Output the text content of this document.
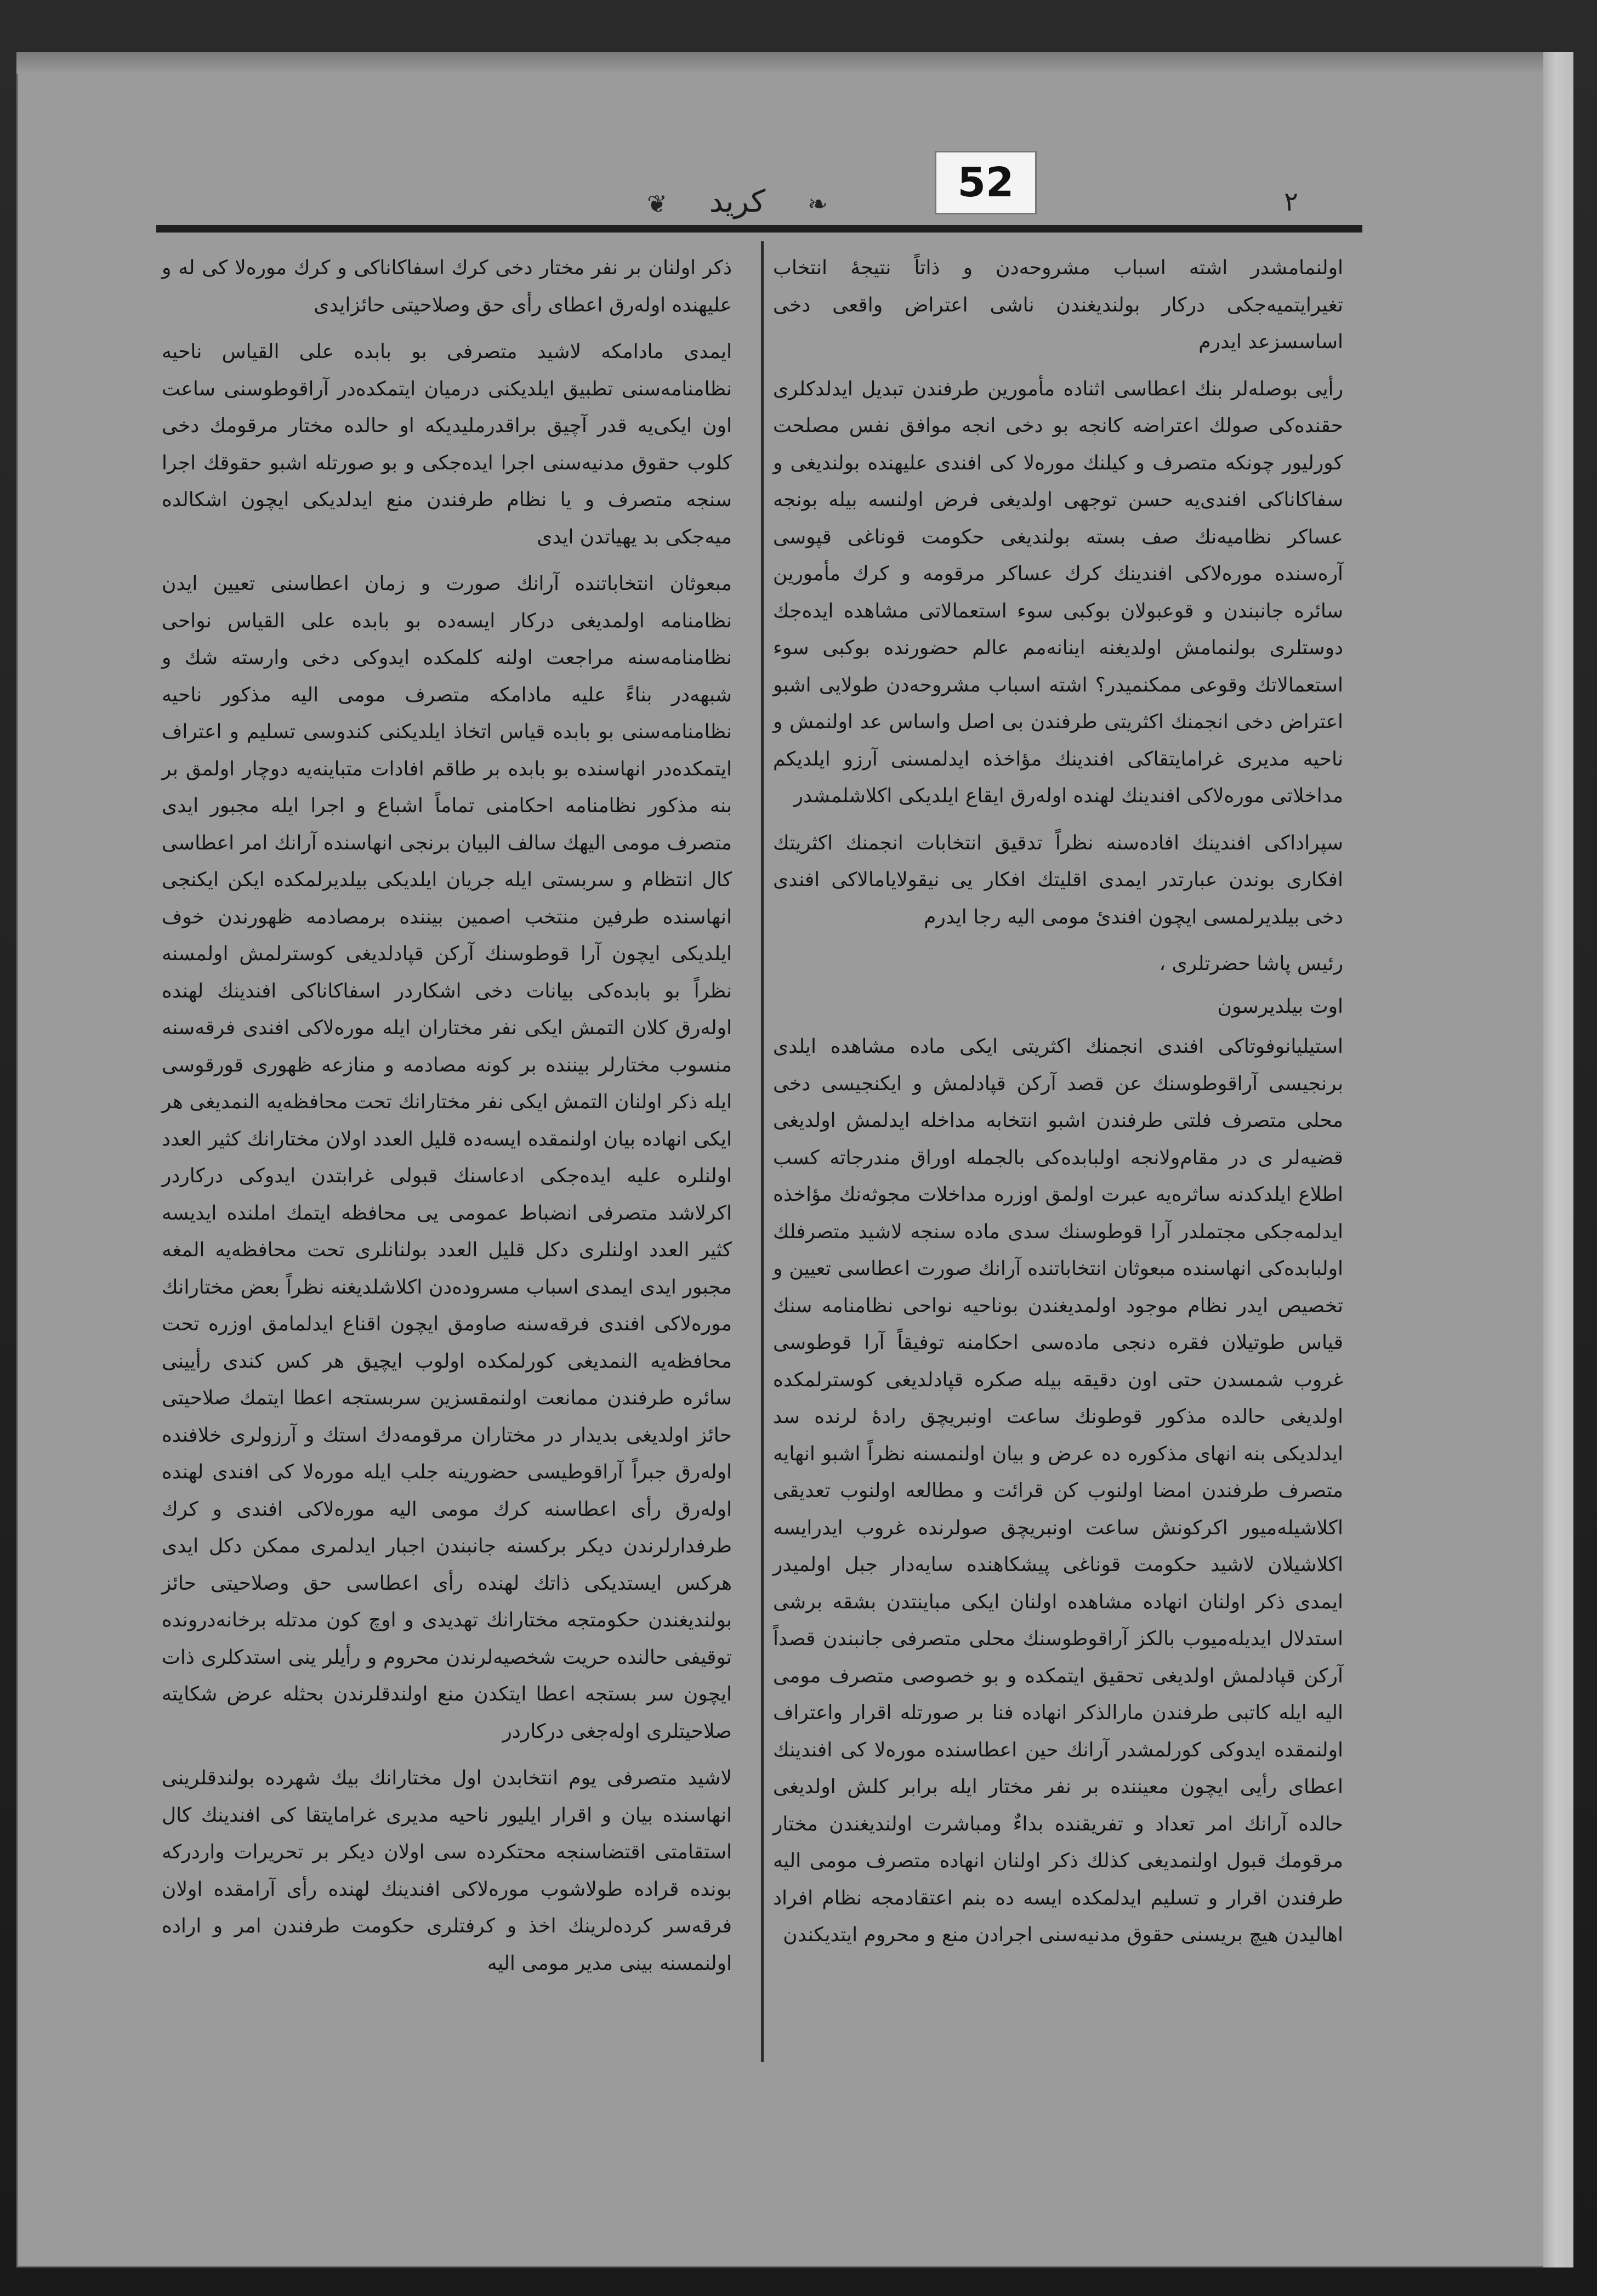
52
❧
كريد
❦	۲

اولنمامشدر اشته اسباب مشروحه‌دن و ذاتاً نتیجهٔ انتخاب تغیرایتمیه‌جکی دركار بولندیغندن ناشی اعتراض واقعی دخی اساسسزعد ایدرم

رأیی بوصله‌لر بنك اعطاسی اثناده مأمورین طرفندن تبدیل ایدلدکلری حقنده‌کی صولك اعتراضه کانجه بو دخی انجه موافق نفس مصلحت کورلیور چونکه متصرف و کیلنك موره‌لا کی افندی علیهنده بولندیغی و سفاکاناکی افندی‌یه حسن توجهی اولدیغی فرض اولنسه بیله بونجه عساکر نظامیه‌نك صف بسته بولندیغی حکومت قوناغی قپوسی آره‌سنده موره‌لاکی افندینك کرك عساکر مرقومه و کرك مأمورین سائره جانبندن و قوعبولان بوکبی سوء استعمالاتی مشاهده ایده‌جك دوستلری بولنمامش اولدیغنه اینانه‌مم عالم حضورنده بوکبی سوء استعمالاتك وقوعی ممکنمیدر؟ اشته اسباب مشروحه‌دن طولایی اشبو اعتراض دخی انجمنك اکثریتی طرفندن بی اصل واساس عد اولنمش و ناحیه مدیری غرامایتقاکی افندینك مؤاخذه ایدلمسنی آرزو ایلدیکم مداخلاتی موره‌لاکی افندینك لهنده اوله‌رق ایقاع ایلدیکی اکلاشلمشدر

سپراداکی افندینك افاده‌سنه نظراً تدقیق انتخابات انجمنك اکثریتك افکاری بوندن عبارتدر ایمدی اقلیتك افکار یی نیقولایامالاکی افندی دخی بیلدیرلمسی ایچون افندی‌ٔ مومی الیه رجا ایدرم

رئیس پاشا حضرتلری ،

اوت بیلدیرسون

استیلیانوفوتاکی افندی انجمنك اکثریتی ایکی ماده مشاهده ایلدی برنجیسی آراقوطوسنك عن قصد آرکن قپادلمش و ایکنجیسی دخی محلی متصرف فلتی طرفندن اشبو انتخابه مداخله ایدلمش اولدیغی قضیه‌لر ی در مقام‌ولانجه اولبابده‌کی بالجمله اوراق مندرجاته کسب اطلاع ایلدکدنه ساثره‌یه عبرت اولمق اوزره مداخلات مجوثه‌نك مؤاخذه ایدلمه‌جکی مجتملدر آرا قوطوسنك سدی ماده سنجه لاشید متصرفلك اولبابده‌کی انهاسنده مبعوثان انتخاباتنده آرانك صورت اعطاسی تعیین و تخصیص ایدر نظام موجود اولمدیغندن بوناحیه نواحی نظامنامه سنك قیاس طوتیلان فقره‌ دنجی ماده‌سی احکامنه توفیقاً آرا قوطوسی غروب شمسدن حتی اون دقیقه بیله صکره قپادلدیغی کوسترلمکده اولدیغی حالده مذکور قوطونك ساعت اونبریچق رادهٔ لرنده سد ایدلدیکی بنه انهای مذکوره ده عرض و بیان اولنمسنه نظراً اشبو انهایه متصرف طرفندن امضا اولنوب کن قرائت و مطالعه اولنوب تعدیقی اکلاشیله‌میور اکرکونش ساعت اونبریچق صولرنده غروب ایدرایسه اکلاشیلان لاشید حکومت قوناغی پیشکاهنده سایه‌دار جبل اولمیدر ایمدی ذکر اولنان انهاده مشاهده اولنان ایکی مباینتدن بشقه برشی استدلال ایدیله‌میوب بالکز آراقوطوسنك محلی متصرفی جانبندن قصداً آرکن قپادلمش اولدیغی تحقیق ایتمکده و بو خصوصی متصرف مومی الیه ایله کاتبی طرفندن مارالذکر انهاده فنا بر صورتله اقرار واعتراف اولنمقده ایدوکی کورلمشدر آرانك حین اعطاسنده موره‌لا کی افندینك اعطای رأیی ایچون معیننده بر نفر مختار ایله برابر کلش اولدیغی حالده آرانك امر تعداد و تفریقنده بداءٌ ومباشرت اولندیغندن مختار مرقومك قبول اولنمدیغی کذلك ذکر اولنان انهاده متصرف مومی الیه طرفندن اقرار و تسلیم ایدلمکده ایسه ده بنم اعتقادمجه نظام افراد اهالیدن هیچ بریسنی حقوق مدنیه‌سنی اجرادن منع و محروم ایتدیکندن

ذکر اولنان بر نفر مختار دخی کرك اسفاکاناکی و کرك موره‌لا کی له و علیهنده اوله‌رق اعطای رأی حق وصلاحیتی حائزایدی

ایمدی مادامکه لاشید متصرفی بو بابده علی القیاس ناحیه نظامنامه‌سنی تطبیق ایلدیکنی درمیان ایتمکده‌در آراقوطوسنی ساعت اون ایکی‌یه قدر آچیق براقدرملیدیکه او حالده مختار مرقومك دخی کلوب حقوق مدنیه‌سنی اجرا ایده‌جکی و بو صورتله اشبو حقوقك اجرا سنجه متصرف و یا نظام طرفندن منع ایدلدیکی ایچون اشکالده میه‌جکی بد یهیاتدن ایدی

مبعوثان انتخاباتنده آرانك صورت و زمان اعطاسنی تعیین ایدن نظامنامه اولمدیغی درکار ایسه‌ده بو بابده علی القیاس نواحی نظامنامه‌سنه مراجعت اولنه کلمکده ایدوکی دخی وارسته شك و شبهه‌در بناءً علیه مادامکه متصرف مومی الیه مذکور ناحیه نظامنامه‌سنی بو بابده قیاس اتخاذ ایلدیکنی کندوسی تسلیم و اعتراف ایتمکده‌در انهاسنده بو بابده بر طاقم افادات متباینه‌یه دوچار اولمق بر بنه مذکور نظامنامه احکامنی تماماً اشباع و اجرا ایله مجبور ایدی متصرف مومی الیهك سالف البیان برنجی انهاسنده آرانك امر اعطاسی کال انتظام و سربستی ایله جریان ایلدیکی بیلدیرلمکده ایکن ایکنجی انهاسنده طرفین منتخب اصمین بیننده برمصادمه ظهورندن خوف ایلدیکی ایچون آرا قوطوسنك آرکن قپادلدیغی کوسترلمش اولمسنه نظراً بو بابده‌کی بیانات دخی اشکاردر اسفاکاناکی افندینك لهنده اوله‌رق کلان التمش ایکی نفر مختاران ایله موره‌لاکی افندی فرقه‌سنه منسوب مختارلر بیننده بر کونه مصادمه و منازعه ظهوری قورقوسی ایله ذکر اولنان التمش ایکی نفر مختارانك تحت محافظه‌یه النمدیغی هر ایکی انهاده بیان اولنمقده ایسه‌ده قلیل العدد اولان مختارانك کثیر العدد اولنلره علیه ایده‌جکی ادعاسنك قبولی غرابتدن ایدوکی درکاردر اکرلاشد متصرفی انضباط عمومی یی محافظه ایتمك املنده ایدیسه کثیر العدد اولنلری دکل قلیل العدد بولنانلری تحت محافظه‌یه المغه مجبور ایدی ایمدی اسباب مسروده‌دن اکلاشلدیغنه نظراً بعض مختارانك موره‌لاکی افندی فرقه‌سنه صاومق ایچون اقناع ایدلمامق اوزره تحت محافظه‌یه النمدیغی کورلمکده اولوب ایچیق هر کس کندی رأیینی سائره طرفندن ممانعت اولنمقسزین سربستجه اعطا ایتمك صلاحیتی حائز اولدیغی بدیدار در مختاران مرقومه‌دك استك و آرزولری خلافنده اوله‌رق جبراً آراقوطیسی حضورینه جلب ایله موره‌لا کی افندی لهنده اوله‌رق رأی اعطاسنه کرك مومی الیه موره‌لاکی افندی و کرك طرفدارلرندن دیکر برکسنه جانبندن اجبار ایدلمری ممکن دکل ایدی هرکس ایستدیکی ذاتك لهنده رأی اعطاسی حق وصلاحیتی حائز بولندیغندن حکومتجه مختارانك تهدیدی و اوچ کون مدتله برخانه‌درونده توقیفی حالنده حریت شخصیه‌لرندن محروم و رأیلر ینی استدکلری ذات ایچون سر بستجه اعطا ایتکدن منع اولندقلرندن بحثله عرض شکایته صلاحیتلری اوله‌جغی درکاردر

لاشید متصرفی یوم انتخابدن اول مختارانك بیك شهرده بولندقلرینی انهاسنده بیان و اقرار ایلیور ناحیه مدیری غرامایتقا کی افندینك کال استقامتی اقتضاسنجه محتکرده سی اولان دیکر بر تحریرات واردرکه بونده قراده طولاشوب موره‌لاکی افندینك لهنده رأی آرامقده اولان فرقه‌سر کرده‌لرینك اخذ و کرفتلری حکومت طرفندن امر و اراده اولنمسنه بینی مدیر مومی الیه
